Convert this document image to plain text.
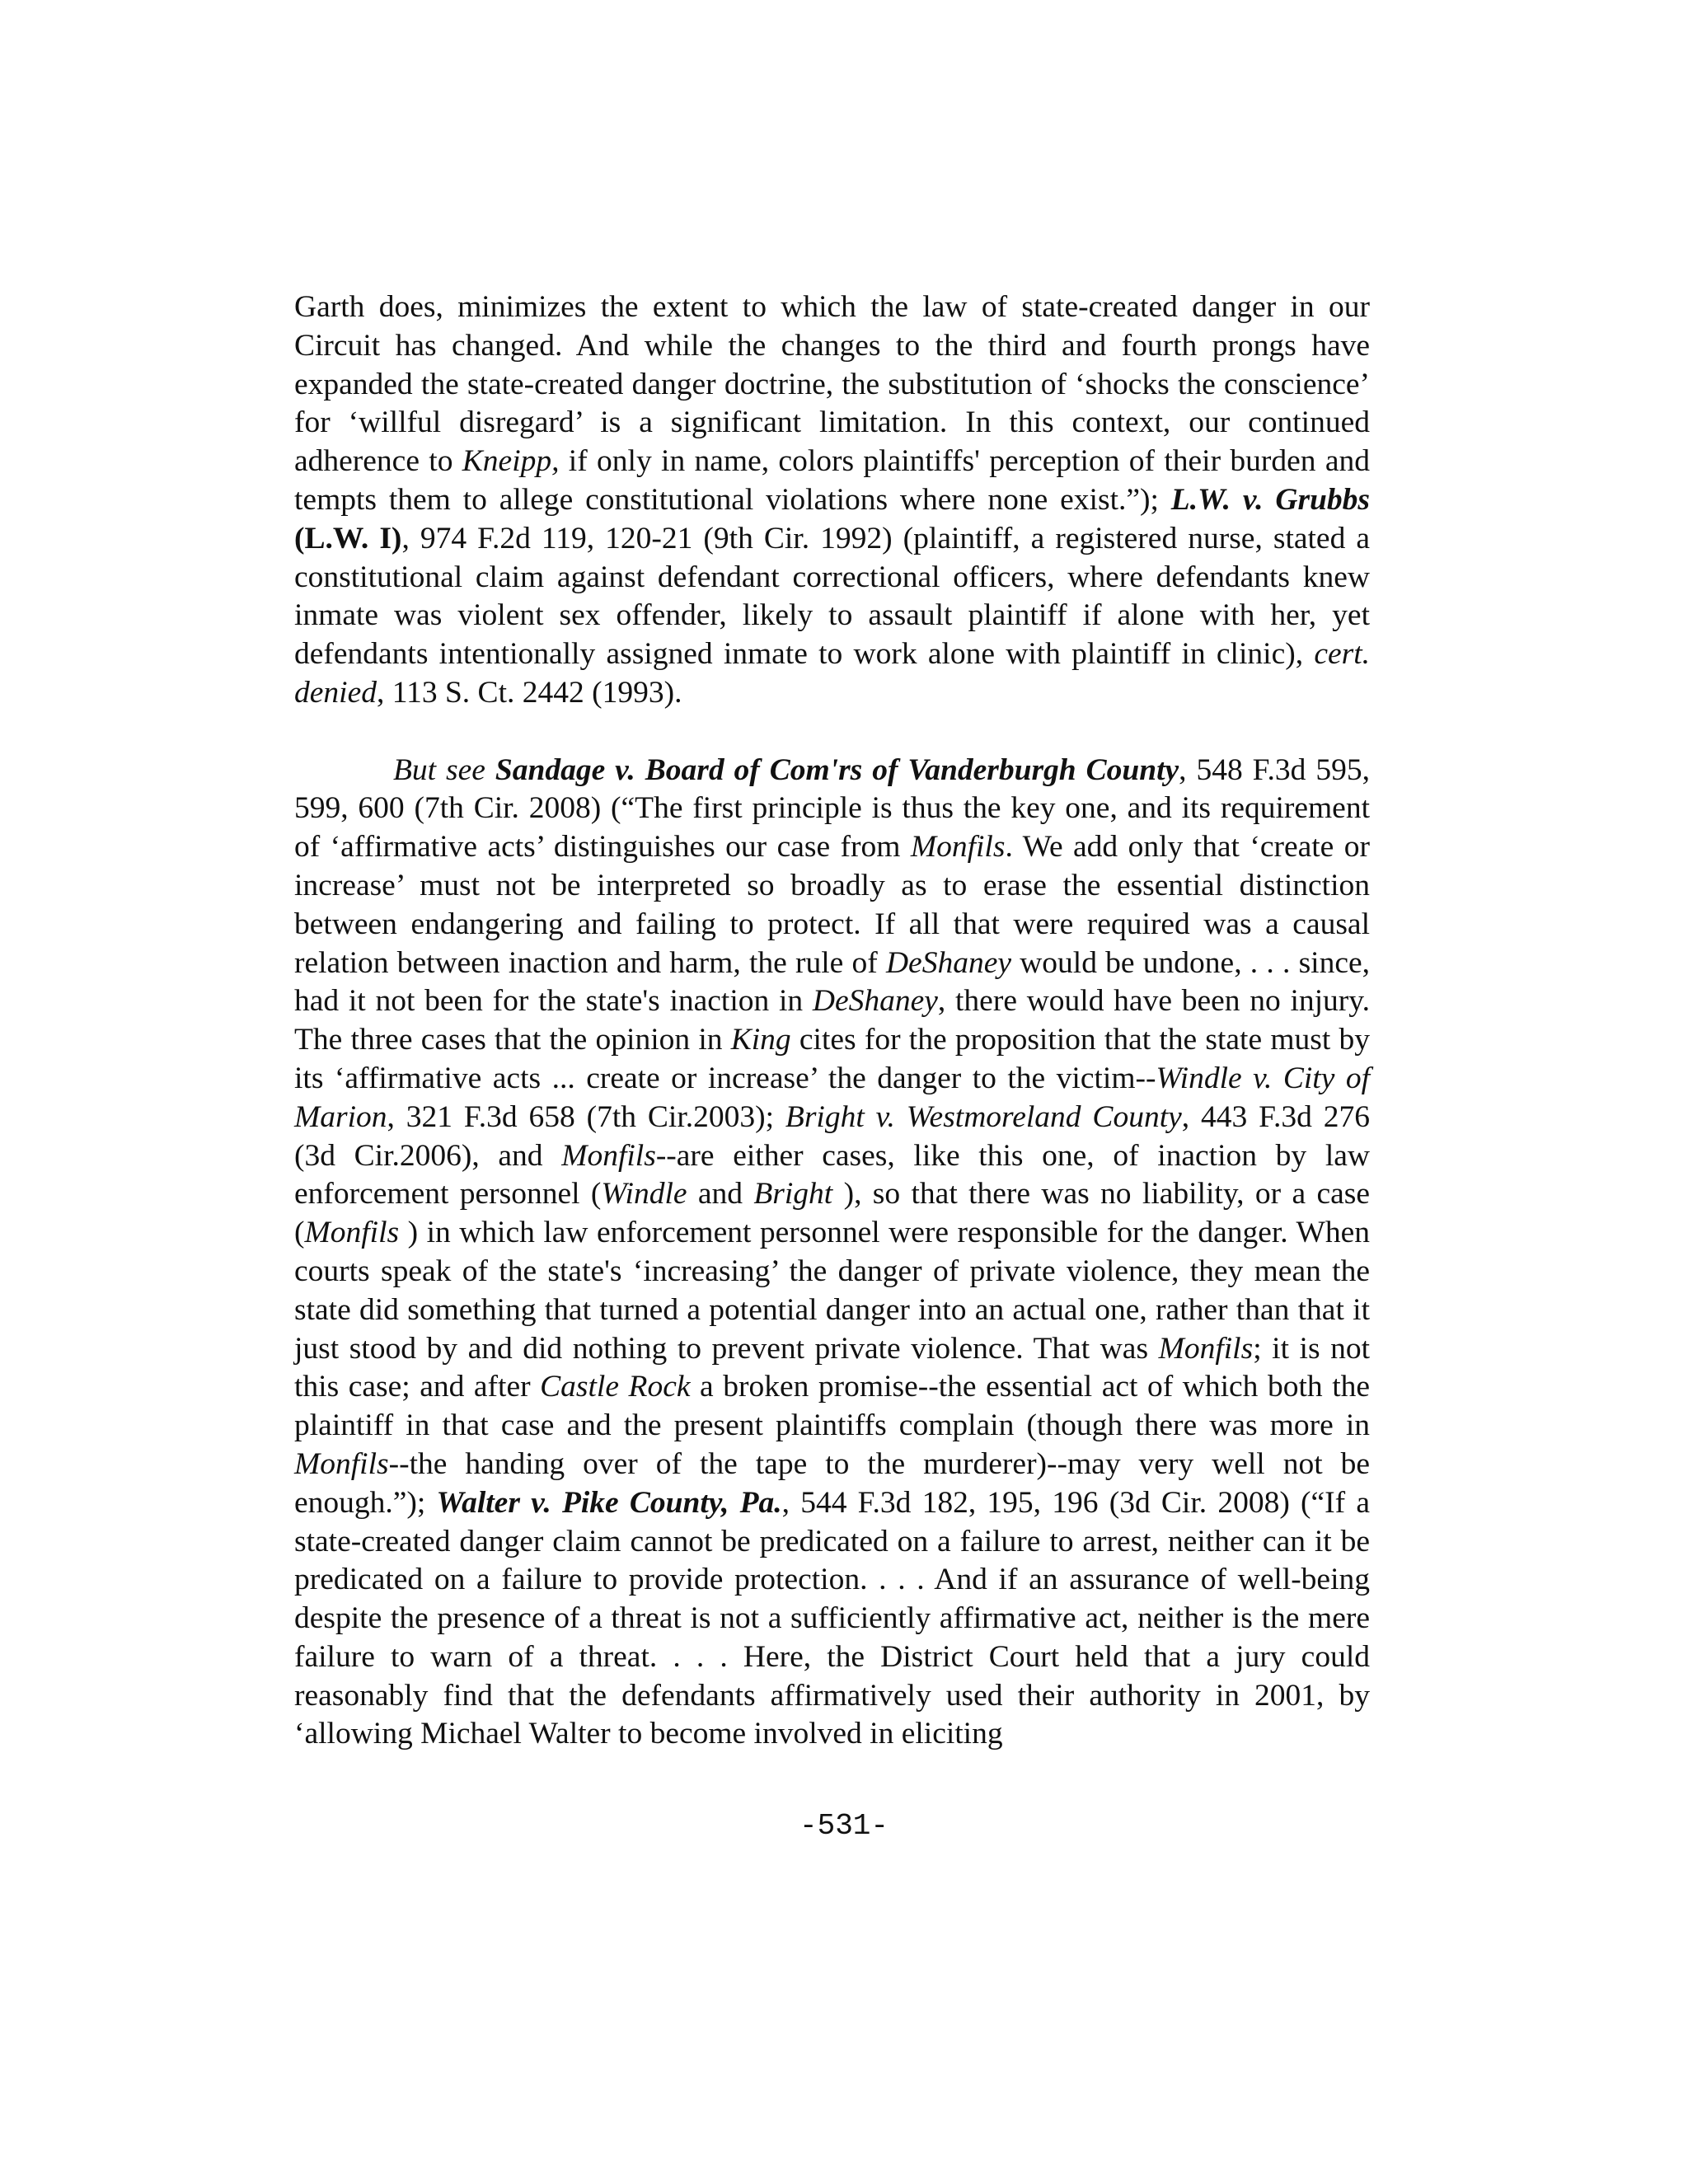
Garth does, minimizes the extent to which the law of state-created danger in our Circuit has changed. And while the changes to the third and fourth prongs have expanded the state-created danger doctrine, the substitution of ‘shocks the conscience’ for ‘willful disregard’ is a significant limitation. In this context, our continued adherence to Kneipp, if only in name, colors plaintiffs' perception of their burden and tempts them to allege constitutional violations where none exist.”); L.W. v. Grubbs (L.W. I), 974 F.2d 119, 120-21 (9th Cir. 1992) (plaintiff, a registered nurse, stated a constitutional claim against defendant correctional officers, where defendants knew inmate was violent sex offender, likely to assault plaintiff if alone with her, yet defendants intentionally assigned inmate to work alone with plaintiff in clinic), cert. denied, 113 S. Ct. 2442 (1993).

But see Sandage v. Board of Com'rs of Vanderburgh County, 548 F.3d 595, 599, 600 (7th Cir. 2008) (“The first principle is thus the key one, and its requirement of ‘affirmative acts’ distinguishes our case from Monfils. We add only that ‘create or increase’ must not be interpreted so broadly as to erase the essential distinction between endangering and failing to protect. If all that were required was a causal relation between inaction and harm, the rule of DeShaney would be undone, . . . since, had it not been for the state's inaction in DeShaney, there would have been no injury. The three cases that the opinion in King cites for the proposition that the state must by its ‘affirmative acts ... create or increase’ the danger to the victim--Windle v. City of Marion, 321 F.3d 658 (7th Cir.2003); Bright v. Westmoreland County, 443 F.3d 276 (3d Cir.2006), and Monfils--are either cases, like this one, of inaction by law enforcement personnel (Windle and Bright ), so that there was no liability, or a case (Monfils ) in which law enforcement personnel were responsible for the danger. When courts speak of the state's ‘increasing’ the danger of private violence, they mean the state did something that turned a potential danger into an actual one, rather than that it just stood by and did nothing to prevent private violence. That was Monfils; it is not this case; and after Castle Rock a broken promise--the essential act of which both the plaintiff in that case and the present plaintiffs complain (though there was more in Monfils--the handing over of the tape to the murderer)--may very well not be enough.”); Walter v. Pike County, Pa., 544 F.3d 182, 195, 196 (3d Cir. 2008) (“If a state-created danger claim cannot be predicated on a failure to arrest, neither can it be predicated on a failure to provide protection. . . . And if an assurance of well-being despite the presence of a threat is not a sufficiently affirmative act, neither is the mere failure to warn of a threat. . . . Here, the District Court held that a jury could reasonably find that the defendants affirmatively used their authority in 2001, by ‘allowing Michael Walter to become involved in eliciting

-531-
